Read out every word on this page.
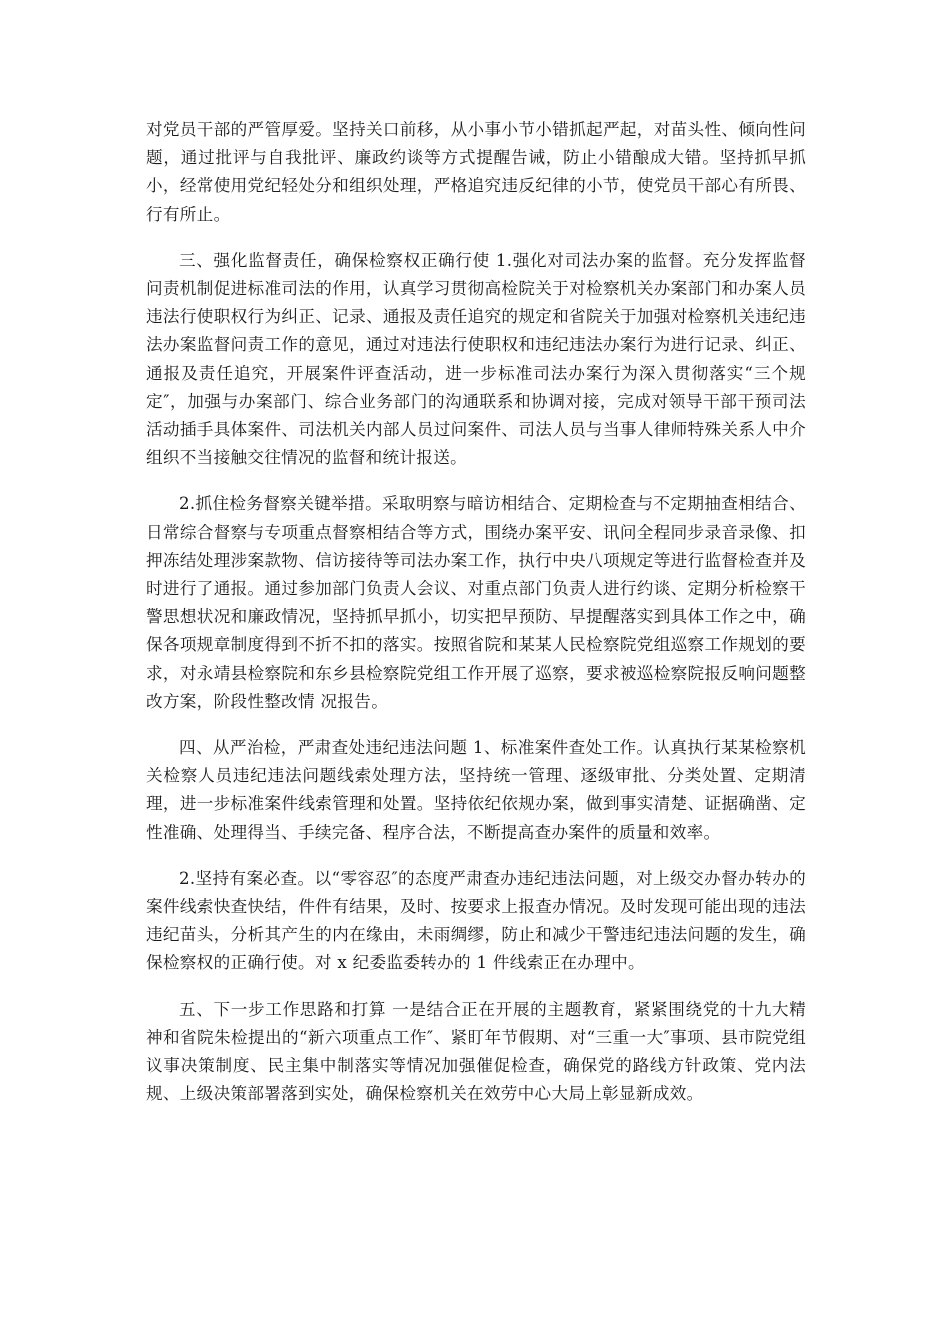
对党员干部的严管厚爱。坚持关口前移，从小事小节小错抓起严起，对苗头性、倾向性问题，通过批评与自我批评、廉政约谈等方式提醒告诫，防止小错酿成大错。坚持抓早抓小，经常使用党纪轻处分和组织处理，严格追究违反纪律的小节，使党员干部心有所畏、行有所止。

三、强化监督责任，确保检察权正确行使 1.强化对司法办案的监督。充分发挥监督问责机制促进标准司法的作用，认真学习贯彻高检院关于对检察机关办案部门和办案人员违法行使职权行为纠正、记录、通报及责任追究的规定和省院关于加强对检察机关违纪违法办案监督问责工作的意见，通过对违法行使职权和违纪违法办案行为进行记录、纠正、通报及责任追究，开展案件评查活动，进一步标准司法办案行为深入贯彻落实“三个规定″，加强与办案部门、综合业务部门的沟通联系和协调对接，完成对领导干部干预司法活动插手具体案件、司法机关内部人员过问案件、司法人员与当事人律师特殊关系人中介组织不当接触交往情况的监督和统计报送。

2.抓住检务督察关键举措。采取明察与暗访相结合、定期检查与不定期抽查相结合、日常综合督察与专项重点督察相结合等方式，围绕办案平安、讯问全程同步录音录像、扣押冻结处理涉案款物、信访接待等司法办案工作，执行中央八项规定等进行监督检查并及时进行了通报。通过参加部门负责人会议、对重点部门负责人进行约谈、定期分析检察干警思想状况和廉政情况，坚持抓早抓小，切实把早预防、早提醒落实到具体工作之中，确保各项规章制度得到不折不扣的落实。按照省院和某某人民检察院党组巡察工作规划的要求，对永靖县检察院和东乡县检察院党组工作开展了巡察，要求被巡检察院报反响问题整改方案，阶段性整改情 况报告。

四、从严治检，严肃查处违纪违法问题 1、标准案件查处工作。认真执行某某检察机关检察人员违纪违法问题线索处理方法，坚持统一管理、逐级审批、分类处置、定期清理，进一步标准案件线索管理和处置。坚持依纪依规办案，做到事实清楚、证据确凿、定性准确、处理得当、手续完备、程序合法，不断提高查办案件的质量和效率。

2.坚持有案必查。以“零容忍″的态度严肃查办违纪违法问题，对上级交办督办转办的案件线索快查快结，件件有结果，及时、按要求上报查办情况。及时发现可能出现的违法违纪苗头，分析其产生的内在缘由，未雨绸缪，防止和减少干警违纪违法问题的发生，确保检察权的正确行使。对 x 纪委监委转办的 1 件线索正在办理中。

五、下一步工作思路和打算 一是结合正在开展的主题教育，紧紧围绕党的十九大精神和省院朱检提出的“新六项重点工作″、紧盯年节假期、对“三重一大″事项、县市院党组议事决策制度、民主集中制落实等情况加强催促检查，确保党的路线方针政策、党内法规、上级决策部署落到实处，确保检察机关在效劳中心大局上彰显新成效。
